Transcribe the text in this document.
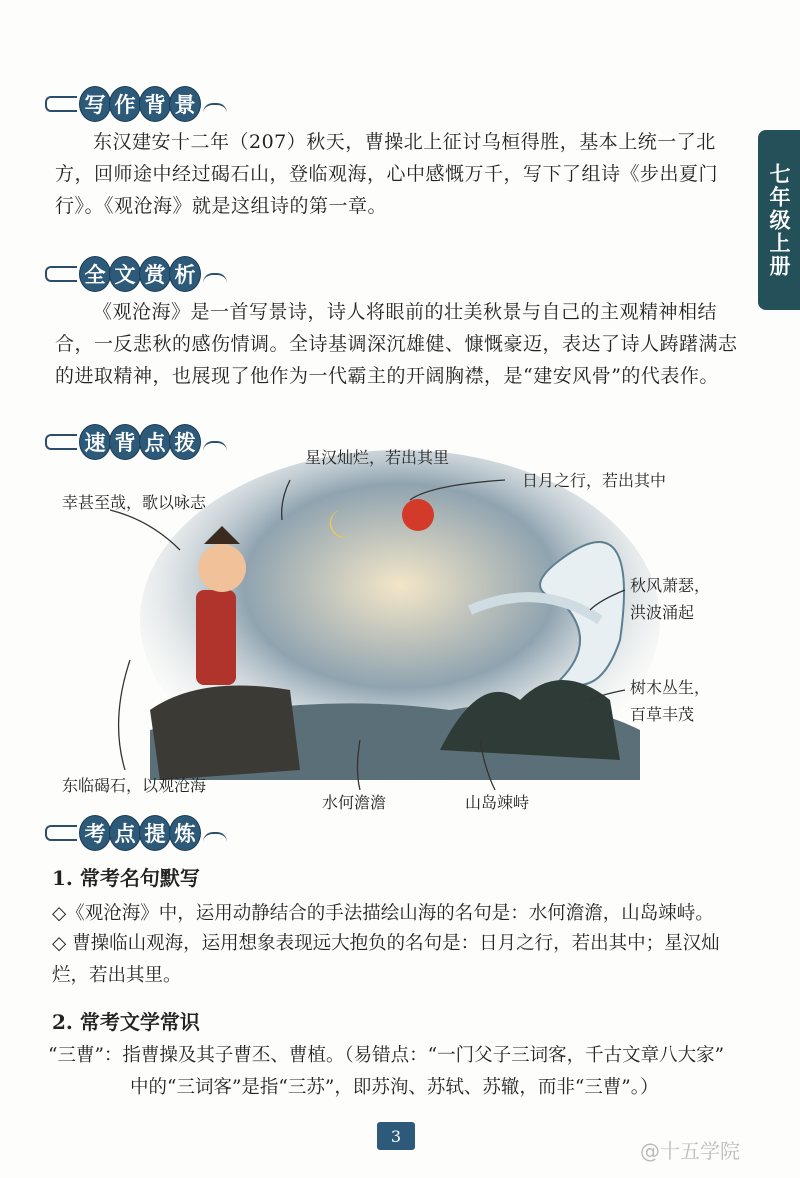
七年级上册
写 作 背 景

东汉建安十二年（207）秋天，曹操北上征讨乌桓得胜，基本上统一了北方，回师途中经过碣石山，登临观海，心中感慨万千，写下了组诗《步出夏门行》。《观沧海》就是这组诗的第一章。

全 文 赏 析

《观沧海》是一首写景诗，诗人将眼前的壮美秋景与自己的主观精神相结合，一反悲秋的感伤情调。全诗基调深沉雄健、慷慨豪迈，表达了诗人踌躇满志的进取精神，也展现了他作为一代霸主的开阔胸襟，是“建安风骨”的代表作。

速 背 点 拨
星汉灿烂，若出其里
日月之行，若出其中
幸甚至哉，歌以咏志
秋风萧瑟，
洪波涌起
树木丛生，
百草丰茂
东临碣石，以观沧海
水何澹澹	山岛竦峙
考 点 提 炼
1. 常考名句默写
◇《观沧海》中，运用动静结合的手法描绘山海的名句是：水何澹澹，山岛竦峙。
◇ 曹操临山观海，运用想象表现远大抱负的名句是：日月之行，若出其中；星汉灿烂，若出其里。
2. 常考文学常识
“三曹”：指曹操及其子曹丕、曹植。（易错点：“一门父子三词客，千古文章八大家”
中的“三词客”是指“三苏”，即苏洵、苏轼、苏辙，而非“三曹”。）
3
@十五学院
